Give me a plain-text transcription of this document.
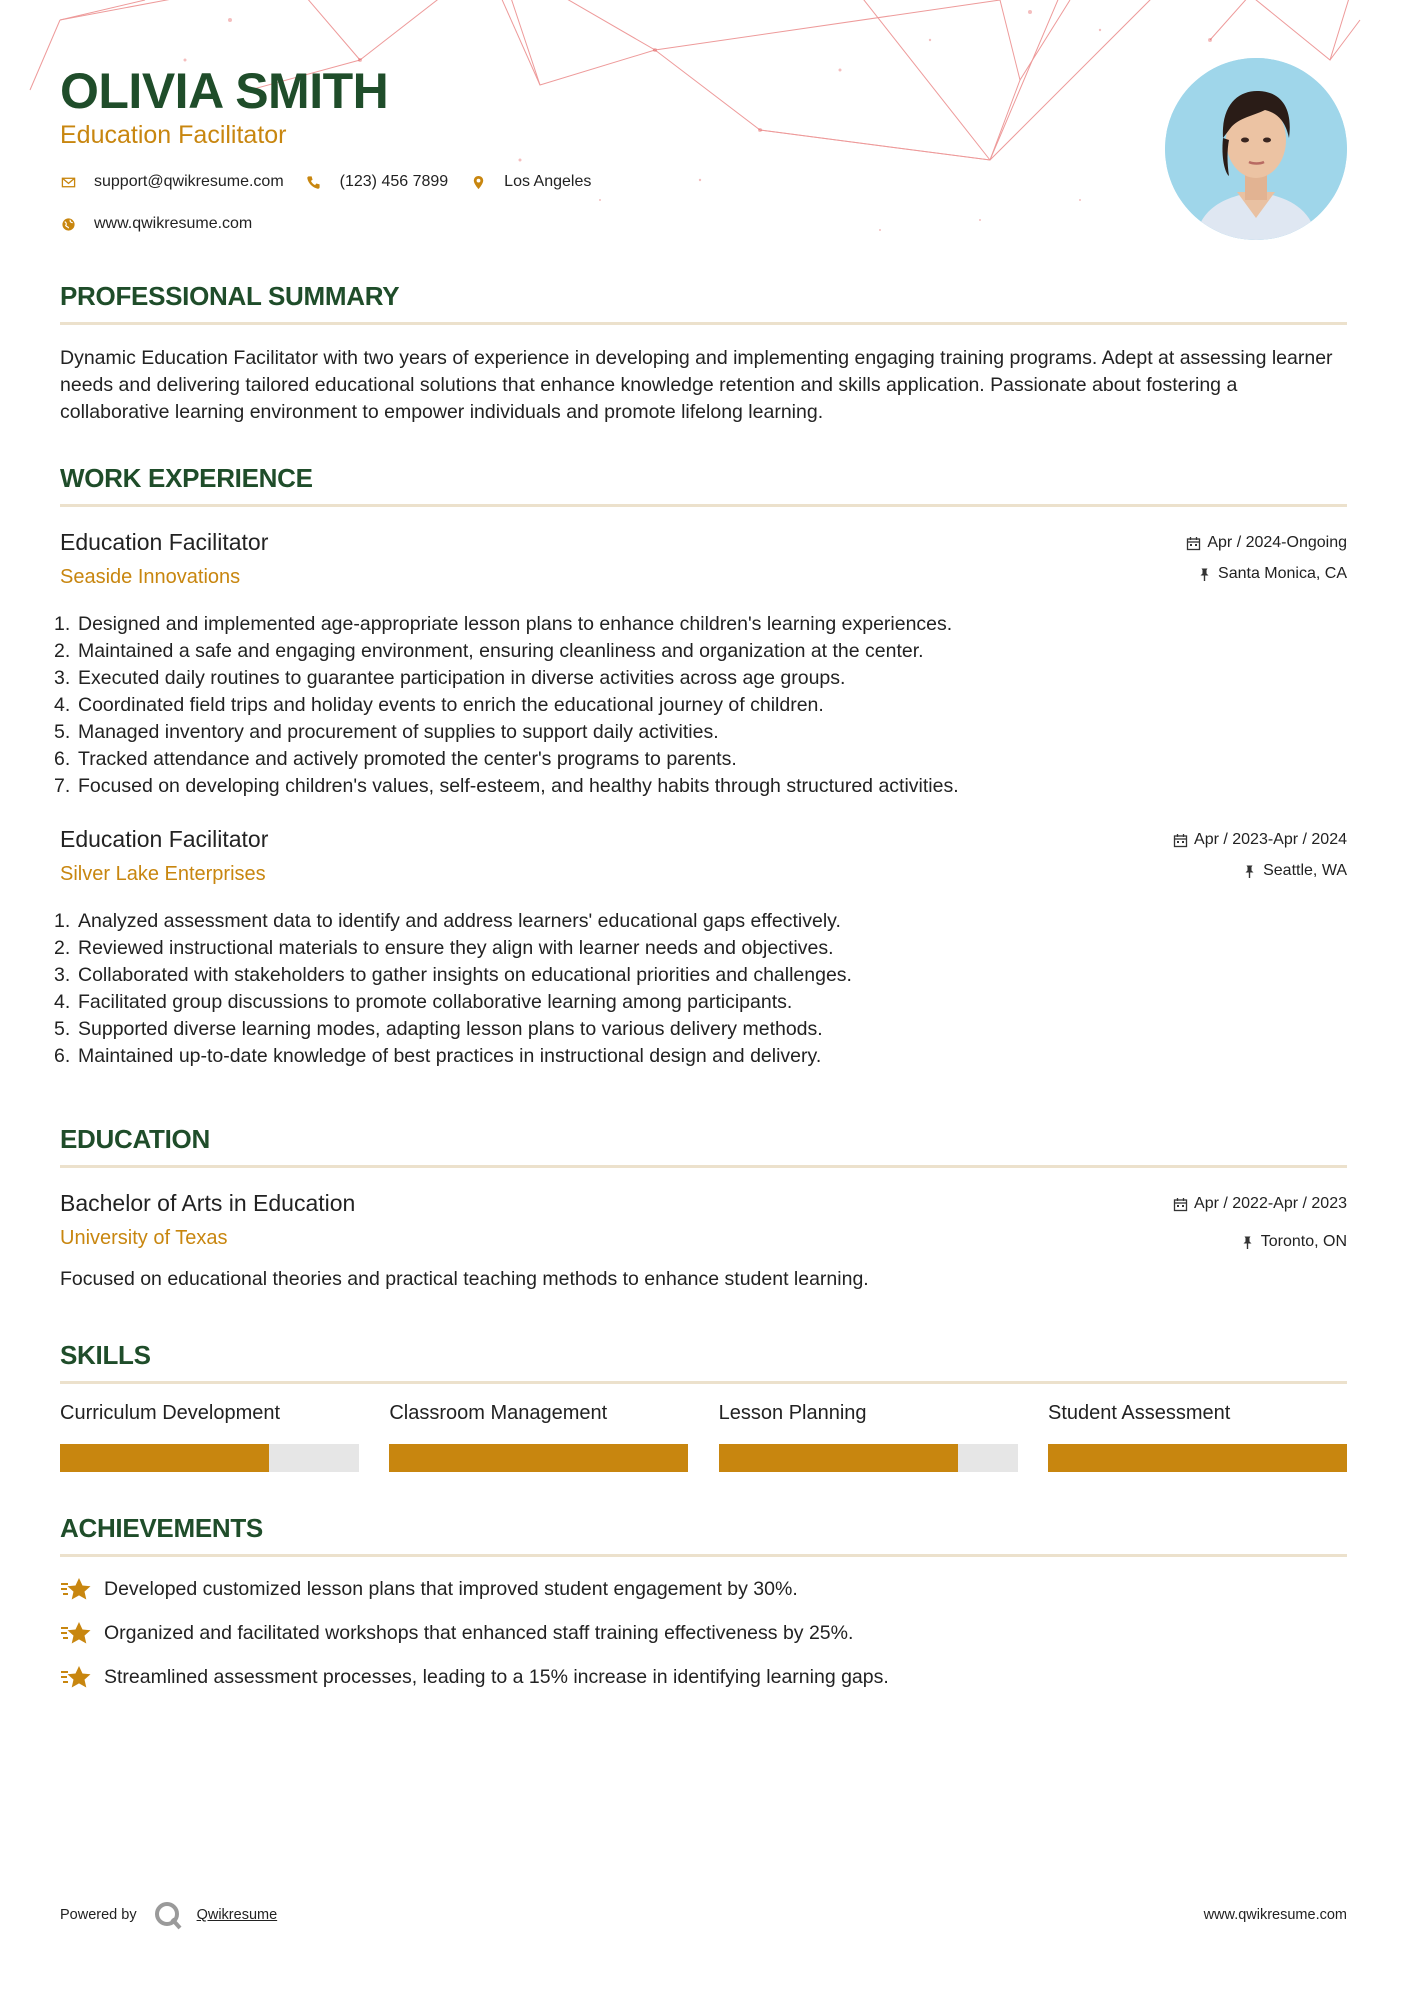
OLIVIA SMITH
Education Facilitator
support@qwikresume.com	(123) 456 7899	Los Angeles
www.qwikresume.com
PROFESSIONAL SUMMARY
Dynamic Education Facilitator with two years of experience in developing and implementing engaging training programs. Adept at assessing learner needs and delivering tailored educational solutions that enhance knowledge retention and skills application. Passionate about fostering a collaborative learning environment to empower individuals and promote lifelong learning.
WORK EXPERIENCE
Education Facilitator
Seaside Innovations
Apr / 2024-Ongoing
Santa Monica, CA
Designed and implemented age-appropriate lesson plans to enhance children's learning experiences.
Maintained a safe and engaging environment, ensuring cleanliness and organization at the center.
Executed daily routines to guarantee participation in diverse activities across age groups.
Coordinated field trips and holiday events to enrich the educational journey of children.
Managed inventory and procurement of supplies to support daily activities.
Tracked attendance and actively promoted the center's programs to parents.
Focused on developing children's values, self-esteem, and healthy habits through structured activities.
Education Facilitator
Silver Lake Enterprises
Apr / 2023-Apr / 2024
Seattle, WA
Analyzed assessment data to identify and address learners' educational gaps effectively.
Reviewed instructional materials to ensure they align with learner needs and objectives.
Collaborated with stakeholders to gather insights on educational priorities and challenges.
Facilitated group discussions to promote collaborative learning among participants.
Supported diverse learning modes, adapting lesson plans to various delivery methods.
Maintained up-to-date knowledge of best practices in instructional design and delivery.
EDUCATION
Bachelor of Arts in Education
University of Texas
Apr / 2022-Apr / 2023
Toronto, ON
Focused on educational theories and practical teaching methods to enhance student learning.
SKILLS
Curriculum Development	Classroom Management	Lesson Planning	Student Assessment
ACHIEVEMENTS
Developed customized lesson plans that improved student engagement by 30%.
Organized and facilitated workshops that enhanced staff training effectiveness by 25%.
Streamlined assessment processes, leading to a 15% increase in identifying learning gaps.
Powered by	Qwikresume	www.qwikresume.com
